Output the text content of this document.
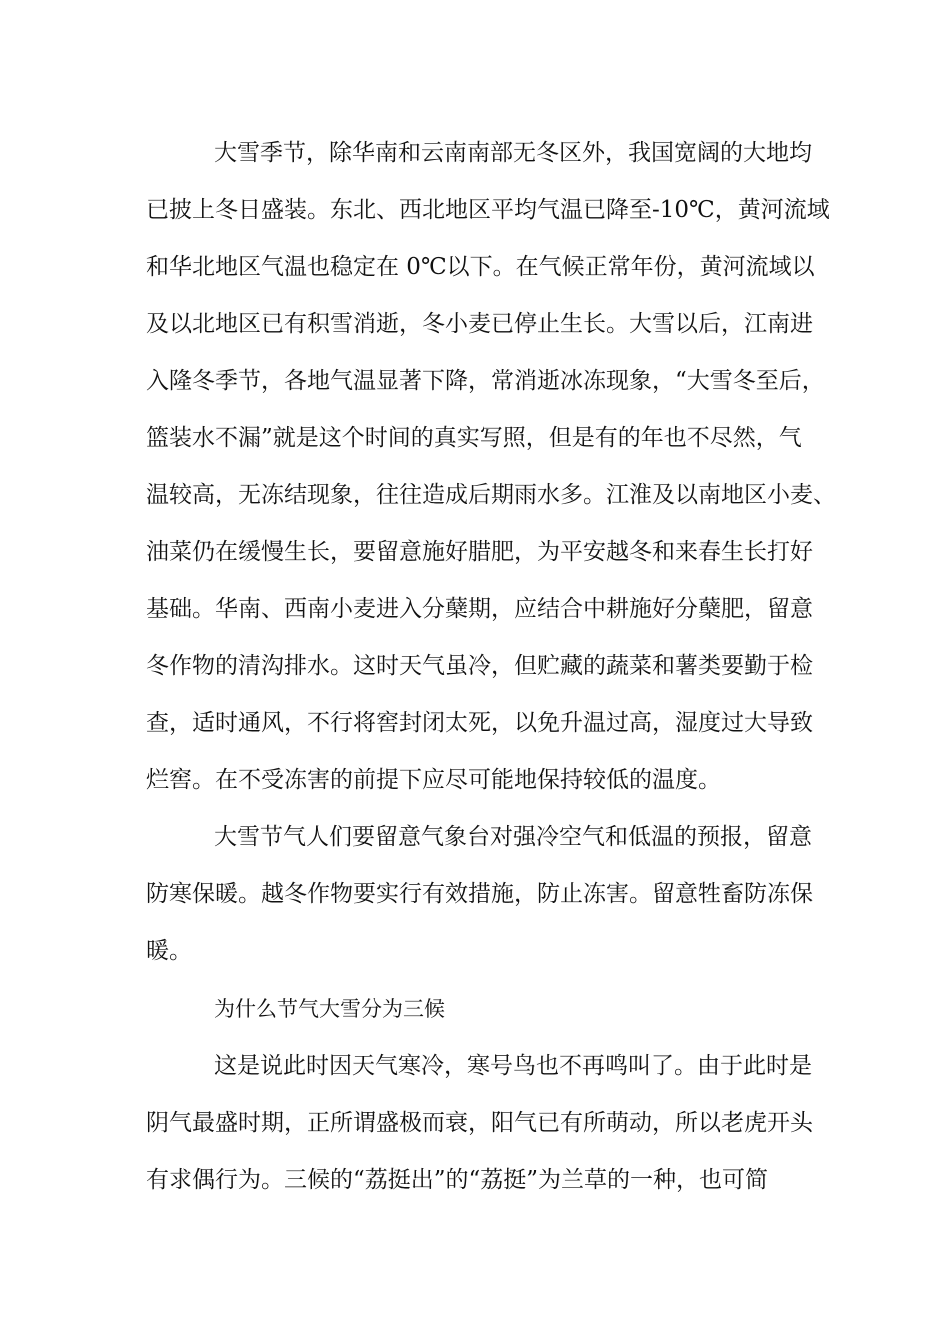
大雪季节，除华南和云南南部无冬区外，我国宽阔的大地均

已披上冬日盛装。东北、西北地区平均气温已降至-10℃，黄河流域

和华北地区气温也稳定在 0℃以下。在气候正常年份，黄河流域以

及以北地区已有积雪消逝，冬小麦已停止生长。大雪以后，江南进

入隆冬季节，各地气温显著下降，常消逝冰冻现象，“大雪冬至后，

篮装水不漏”就是这个时间的真实写照，但是有的年也不尽然，气

温较高，无冻结现象，往往造成后期雨水多。江淮及以南地区小麦、

油菜仍在缓慢生长，要留意施好腊肥，为平安越冬和来春生长打好

基础。华南、西南小麦进入分蘖期，应结合中耕施好分蘖肥，留意

冬作物的清沟排水。这时天气虽冷，但贮藏的蔬菜和薯类要勤于检

查，适时通风，不行将窖封闭太死，以免升温过高，湿度过大导致

烂窖。在不受冻害的前提下应尽可能地保持较低的温度。

大雪节气人们要留意气象台对强冷空气和低温的预报，留意

防寒保暖。越冬作物要实行有效措施，防止冻害。留意牲畜防冻保

暖。

为什么节气大雪分为三候

这是说此时因天气寒冷，寒号鸟也不再鸣叫了。由于此时是

阴气最盛时期，正所谓盛极而衰，阳气已有所萌动，所以老虎开头

有求偶行为。三候的“荔挺出”的“荔挺”为兰草的一种，也可简
